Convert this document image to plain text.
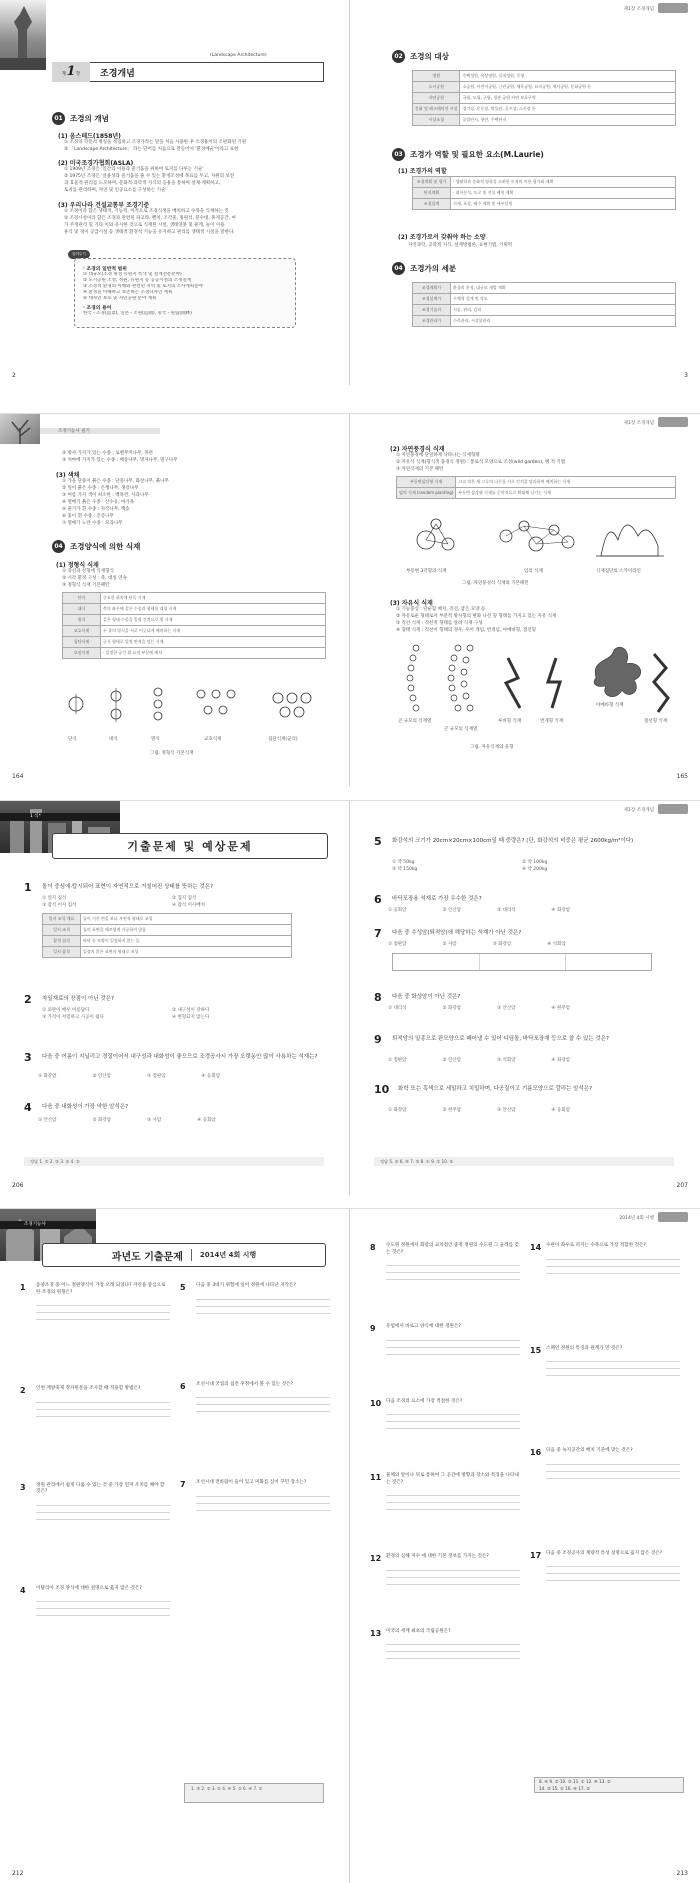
(Landscape Architecture)
제 1 장 조경개념
01 조경의 개념
(1) 옴스테드(1858년)
① 조경의 학문적 명칭을 정립하고 조경가라는 말을 처음 사용한 후 조경용어의 조판화된 기원
② 「Landscape Architecture」 라는 단어를 처음으로 만들어서 '환경예술'이라고 표현
(2) 미국조경가협회(ASLA)
① 1909년 조경은 '인간의 이용과 즐거움을 위하여 토지를 다루는 기술'
② 1975년 조경은 '실용성과 즐거움을 줄 수 있는 환경조성에 목표를 두고, 자원의 보전
과 효율적 관리를 도모하며, 문화적·과학적 지식의 응용을 통하여 설계·계획하고,
토지를 관리하며, 자연 및 인공요소를 구성하는 기술'
(3) 우리나라 건설교통부 조경기준
① 조경이라 함은 생태적, 기능적, 미적으로 조경식생을 배치하고 수목을 식재하는 것
② 조경시설이라 함은 조경과 관련된 파고라, 벤치, 조각물, 정원석, 분수대, 휴게공간, 여
가 주정관리 및 기타 이와 유사한 것으로 식재된 시설, 생태연못 및 휴게, 놀이 이용
휴식 및 경이 공급시설 등 생태적 환경적 기능을 유지하고 관리를 생태적 시설을 말한다.
알아두기
· 조경의 일반적 범위
① 대규모(조경 위성 유원지 특색 및 설계전문분야)
② 도시공원 조성, 정원, 유원지 등 공공시설의 조경설계
③ 조경적 환경의 이해와 관련된 지역 및 토지의 조사계획분야
④ 환경을 이해하고 보존하는 조경디자인 계획
⑤ 대자연 보호 및 자연공원 분야 계획
· 조경의 용어
한국 - 조경(造景), 일본 - 조원(造園), 중국 - 원림(園林)
2
제1장 조경개념
02 조경의 대상
정원	주택정원, 옥상정원, 실내정원, 중정
도시공원	소공원, 어린이공원, 근린공원, 체육공원, 묘지공원, 역사공원, 문화공원 등
자연공원	국립, 도립, 군립, 경관 공원 자연 보호구역
문화 및 레크레이션 시설	경기장, 운동장, 박물관, 골프장, 스키장 등
시설조경	공업단지, 항만, 주택단지
03 조경가 역할 및 필요한 요소(M.Laurie)
(1) 조경가의 역할
조경계획 및 평가	· 생태학과 문화적 영향을 고려한 토지의 이용 평가와 계획
단지계획	· 대지분석, 도로 및 건물 배치 계획
조경설계	식재, 포장, 배수 계획 및 세부설계
(2) 조경가로서 갖춰야 하는 소양
자연과학, 공학적 지식, 설계방법론, 표현기법, 기획력
04 조경가의 세분
조경계획가	환경의 분석, 대규모 개발 계획
조경설계가	구체적 설계 및 작도
조경기술자	시공, 관리, 감리
조경관리가	수목관리, 시설물관리
3
조경기능사 필기
② 방사 가지가 있는 수종 : 로벨무커나무, 목련
③ 처마에 가지가 있는 수종 : 배롱나무, 명자나무, 멀구나무
(3) 색채
① 가을 단풍이 붉은 수종 : 단풍나무, 화살나무, 붉나무
② 잎이 붉은 수종 : 은행나무, 생강나무
③ 여름 가지 색이 희소한 : 백목련, 사과나무
④ 열매가 붉은 수종 : 산수유, 마가목
⑤ 줄기가 흰 수종 : 자작나무, 백송
⑥ 꽃이 흰 수종 : 층층나무
⑦ 열매가 노란 수종 : 모과나무
04 조경양식에 의한 식재
(1) 정형식 식재
① 축선과 선형에 식재형식
② 시각 환경 구성 : 축, 대칭 연속
③ 정형식 식재 기본패턴
단식	중요한 위치에 단독 식재
대식	축의 좌우에 같은 수종과 형태를 대칭 식재
열식	같은 형태 수종을 일정 간격으로 열 식재
교호식재	두 줄의 열식을 서로 어긋나게 배치하는 식재
집단식재	군식 형태로 일정 면적을 덮는 식재
요점식재	· 일정한 공간 위 요점 부분에 배치
단식	대식	열식	교호식재	집단식재(군식)
그림. 정형식 기본식재
164
제1장 조경개념
(2) 자연풍경식 식재
① 자연풍경에 단일하게 나타나는 식재형태
② 자유식 식재(형식적 풍경식 정원) : 통로식 모양으로 조성(wild garden), 맹 적 기법
③ 자연식재의 기본 패턴
부등변삼각형 식재	크고 작은 세 그루의 나무를 서로 간격을 달리하여 배치하는 식재
임의 식재 (random planting)	부등변 삼각형 식재를 순차적으로 확대해 나가는 식재
부등변 3각형의 식재	임의 식재	식재집단의 스카이라인
그림. 자연풍경식 식재의 기본패턴
(3) 자유식 식재
① 기능중심 : 단순함 배치, 직선, 굽은 모양 등
② 자유로운 형태로서 부분적 방사형의 변화 나선 형 형태를 가지고 있는 자유 식재
③ 직선 식재 : 직선적 형태를 살려 식재 구성
④ 형태 식재 : 직선이 형태의 경우, 우어 개념, 반개념, 아메바형, 절선형
곤 규모의 식재열
곤 규모의 식재열
루바형 식재	번개형 식재
아메바형 식재
절선형 식재
그림. 자유식재의 유형
165
1 식*
기출문제 및 예상문제
1	돌이 중심에·탑시되어 표현이 자연적으로 거칠어진 상태를 뜻하는 것은?
① 일지 집석	② 집지 집석
③ 잠석 이사 집석	④ 잡석 이사배치
일지 조석 개요	돌이 거친 면을 보다 자연적 형태로 조성
일지 조석	돌의 표면을 매끄럽게 가공하지 않음
잡석 집석	바닥 등 모양이 일정하지 않는 돌
일지 잡석	일정치 않은 표면의 형태로 조성
2	자일재료의 장점이 아닌 것은?
① 외관이 매우 아름답다	② 내구성이 강하다
③ 가격이 저렴하고 시공이 쉽다	④ 변형되지 않는다
3	다음 중 여름이 지닐리고 경질이어서 내구성과 내화성이 좋으므로 조경공사시 가장 오랫동안 많이 사용하는 석재는?
① 화강암	② 안산암	③ 점판암	④ 응회암
4	다음 중 내화성이 가장 약한 암석은?
① 안산암	② 화강암	③ 사암	④ 응회암
정답 1. ② 2. ③ 3. ① 4. ②
206
제1장 조경개념
5	화강석의 크기가 20cm×20cm×100cm일 때 중량은? (단, 화강석의 비중은 평균 2600kg/m³이다)
① 약 50kg	② 약 100kg
③ 약 150kg	④ 약 200kg
6	바닥포장용 석재로 가장 우수한 것은?
① 응회암	② 안산암	③ 대리석	④ 화강암
7	다음 중 수성암(퇴적암)에 해당하는 석재가 아닌 것은?
① 점판암	② 사암	③ 화강암	④ 석회암
8	다음 중 화성암이 아닌 것은?
① 대리석	② 화강암	③ 안산암	④ 현무암
9	퇴적암의 일종으로 판모양으로 떼어낼 수 있어 디딤돌, 바닥포장재 등으로 쓸 수 있는 것은?
① 점판암	② 안산암	③ 석회암	④ 화강암
10	화학 또는 흑색으로 세밀하고 치밀하며, 다공질이고 기름모양으로 깔리는 암석은?
① 화강암	② 현무암	③ 안산암	④ 응회암
정답 5. ② 6. ④ 7. ③ 8. ① 9. ① 10. ②
207
조경기능사
과년도 기출문제 2014년 4회 시행
1	동양조경 중 어느 정원양식이 가장 오래 되었나? 자연을 중심으로 한 조경의 원형은?
2	인천 계양축제 정자원문을 조사할 때 적용할 방법은?
3	정원 관리에서 쉽게 다룰 수 있는 것 중 가장 먼저 조치를 해야 할 것은?
4	이탈리아 조경 양식에 대한 설명으로 옳지 않은 것은?
5	다음 중 3대기 위험에 일어 정원에 나타난 지각은?
6	조선시대 궁궐의 침전 후정에서 볼 수 있는 것은?
7	조선시대 전바람이 들어 있고 미화를 심어 꾸민 장소는?
1. ③ 2. ② 3. ① 4. ④ 5. ② 6. ④ 7. ①
212
2014년 4회 시행
8	수도원 정원에서 회랑의 교차점인 중정 정원의 수도원 그 둘레를 갖는 것은?
9	유럽에서 바로크 양식에 대한 정원은?
10 다음 조경의 요소에 가장 적절한 것은?
11 물체의 앞이나 뒤로 통하여 그 공간에 방향과 장소와 특징을 나타내는 것은?
12 환경의 심해 저수 에 대한 기본 정보를 가지는 것은?
13 미국의 세계 최초의 국립공원은?
14 수관이 좌우로 퍼지는 수목으로 가장 적합한 것은?
15 스페인 정원의 특징과 관계가 먼 것은?
16 다음 중 녹지공간의 배치 기준에 맞는 것은?
17 다음 중 조경공사의 계량적 특성 설명으로 옳지 않은 것은?
8. ④ 9. ② 10. ③ 11. ① 12. ④ 13. ②
14. ③ 15. ① 16. ④ 17. ②
213
